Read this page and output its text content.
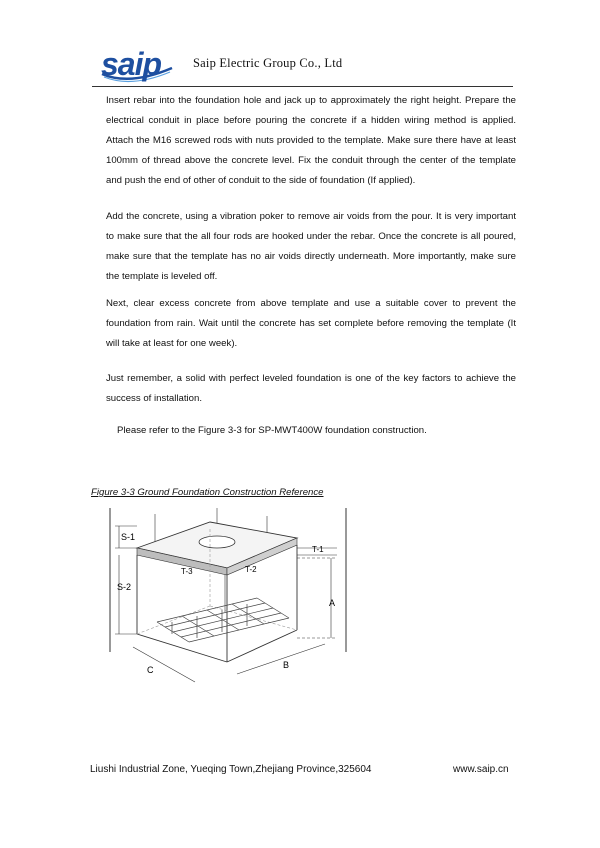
saip	Saip Electric Group Co., Ltd

Insert rebar into the foundation hole and jack up to approximately the right height. Prepare the electrical conduit in place before pouring the concrete if a hidden wiring method is applied. Attach the M16 screwed rods with nuts provided to the template. Make sure there have at least 100mm of thread above the concrete level. Fix the conduit through the center of the template and push the end of other of conduit to the side of foundation (If applied).

Add the concrete, using a vibration poker to remove air voids from the pour. It is very important to make sure that the all four rods are hooked under the rebar. Once the concrete is all poured, make sure that the template has no air voids directly underneath. More importantly, make sure the template is leveled off.

Next, clear excess concrete from above template and use a suitable cover to prevent the foundation from rain. Wait until the concrete has set complete before removing the template (It will take at least for one week).

Just remember, a solid with perfect leveled foundation is one of the key factors to achieve the success of installation.

Please refer to the Figure 3-3 for SP-MWT400W foundation construction.

Figure 3-3 Ground Foundation Construction Reference

S-1
S-2
T-1
T-2
T-3
A
B
C
Liushi Industrial Zone, Yueqing Town,Zhejiang Province,325604	www.saip.cn
